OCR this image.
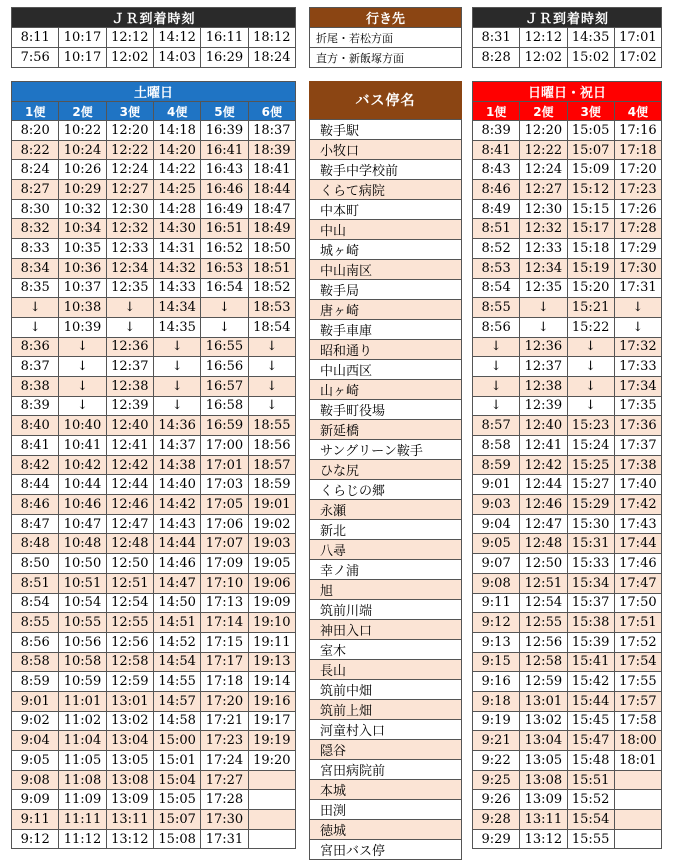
ＪＲ到着時刻					
8:11	10:17	12:12	14:12	16:11	18:12
7:56	10:17	12:02	14:03	16:29	18:24
行き先
折尾・若松方面
直方・新飯塚方面
ＪＲ到着時刻			
8:31	12:12	14:35	17:01
8:28	12:02	15:02	17:02
土曜日					
1便	2便	3便	4便	5便	6便
8:20	10:22	12:20	14:18	16:39	18:37
8:22	10:24	12:22	14:20	16:41	18:39
8:24	10:26	12:24	14:22	16:43	18:41
8:27	10:29	12:27	14:25	16:46	18:44
8:30	10:32	12:30	14:28	16:49	18:47
8:32	10:34	12:32	14:30	16:51	18:49
8:33	10:35	12:33	14:31	16:52	18:50
8:34	10:36	12:34	14:32	16:53	18:51
8:35	10:37	12:35	14:33	16:54	18:52
↓	10:38	↓	14:34	↓	18:53
↓	10:39	↓	14:35	↓	18:54
8:36	↓	12:36	↓	16:55	↓
8:37	↓	12:37	↓	16:56	↓
8:38	↓	12:38	↓	16:57	↓
8:39	↓	12:39	↓	16:58	↓
8:40	10:40	12:40	14:36	16:59	18:55
8:41	10:41	12:41	14:37	17:00	18:56
8:42	10:42	12:42	14:38	17:01	18:57
8:44	10:44	12:44	14:40	17:03	18:59
8:46	10:46	12:46	14:42	17:05	19:01
8:47	10:47	12:47	14:43	17:06	19:02
8:48	10:48	12:48	14:44	17:07	19:03
8:50	10:50	12:50	14:46	17:09	19:05
8:51	10:51	12:51	14:47	17:10	19:06
8:54	10:54	12:54	14:50	17:13	19:09
8:55	10:55	12:55	14:51	17:14	19:10
8:56	10:56	12:56	14:52	17:15	19:11
8:58	10:58	12:58	14:54	17:17	19:13
8:59	10:59	12:59	14:55	17:18	19:14
9:01	11:01	13:01	14:57	17:20	19:16
9:02	11:02	13:02	14:58	17:21	19:17
9:04	11:04	13:04	15:00	17:23	19:19
9:05	11:05	13:05	15:01	17:24	19:20
9:08	11:08	13:08	15:04	17:27	
9:09	11:09	13:09	15:05	17:28	
9:11	11:11	13:11	15:07	17:30	
9:12	11:12	13:12	15:08	17:31	
バス停名
鞍手駅
小牧口
鞍手中学校前
くらて病院
中本町
中山
城ヶ崎
中山南区
鞍手局
唐ヶ崎
鞍手車庫
昭和通り
中山西区
山ヶ崎
鞍手町役場
新延橋
サングリーン鞍手
ひな尻
くらじの郷
永瀬
新北
八尋
幸ノ浦
旭
筑前川端
神田入口
室木
長山
筑前中畑
筑前上畑
河童村入口
隠谷
宮田病院前
本城
田渕
徳城
宮田バス停
日曜日・祝日			
1便	2便	3便	4便
8:39	12:20	15:05	17:16
8:41	12:22	15:07	17:18
8:43	12:24	15:09	17:20
8:46	12:27	15:12	17:23
8:49	12:30	15:15	17:26
8:51	12:32	15:17	17:28
8:52	12:33	15:18	17:29
8:53	12:34	15:19	17:30
8:54	12:35	15:20	17:31
8:55	↓	15:21	↓
8:56	↓	15:22	↓
↓	12:36	↓	17:32
↓	12:37	↓	17:33
↓	12:38	↓	17:34
↓	12:39	↓	17:35
8:57	12:40	15:23	17:36
8:58	12:41	15:24	17:37
8:59	12:42	15:25	17:38
9:01	12:44	15:27	17:40
9:03	12:46	15:29	17:42
9:04	12:47	15:30	17:43
9:05	12:48	15:31	17:44
9:07	12:50	15:33	17:46
9:08	12:51	15:34	17:47
9:11	12:54	15:37	17:50
9:12	12:55	15:38	17:51
9:13	12:56	15:39	17:52
9:15	12:58	15:41	17:54
9:16	12:59	15:42	17:55
9:18	13:01	15:44	17:57
9:19	13:02	15:45	17:58
9:21	13:04	15:47	18:00
9:22	13:05	15:48	18:01
9:25	13:08	15:51	
9:26	13:09	15:52	
9:28	13:11	15:54	
9:29	13:12	15:55	
